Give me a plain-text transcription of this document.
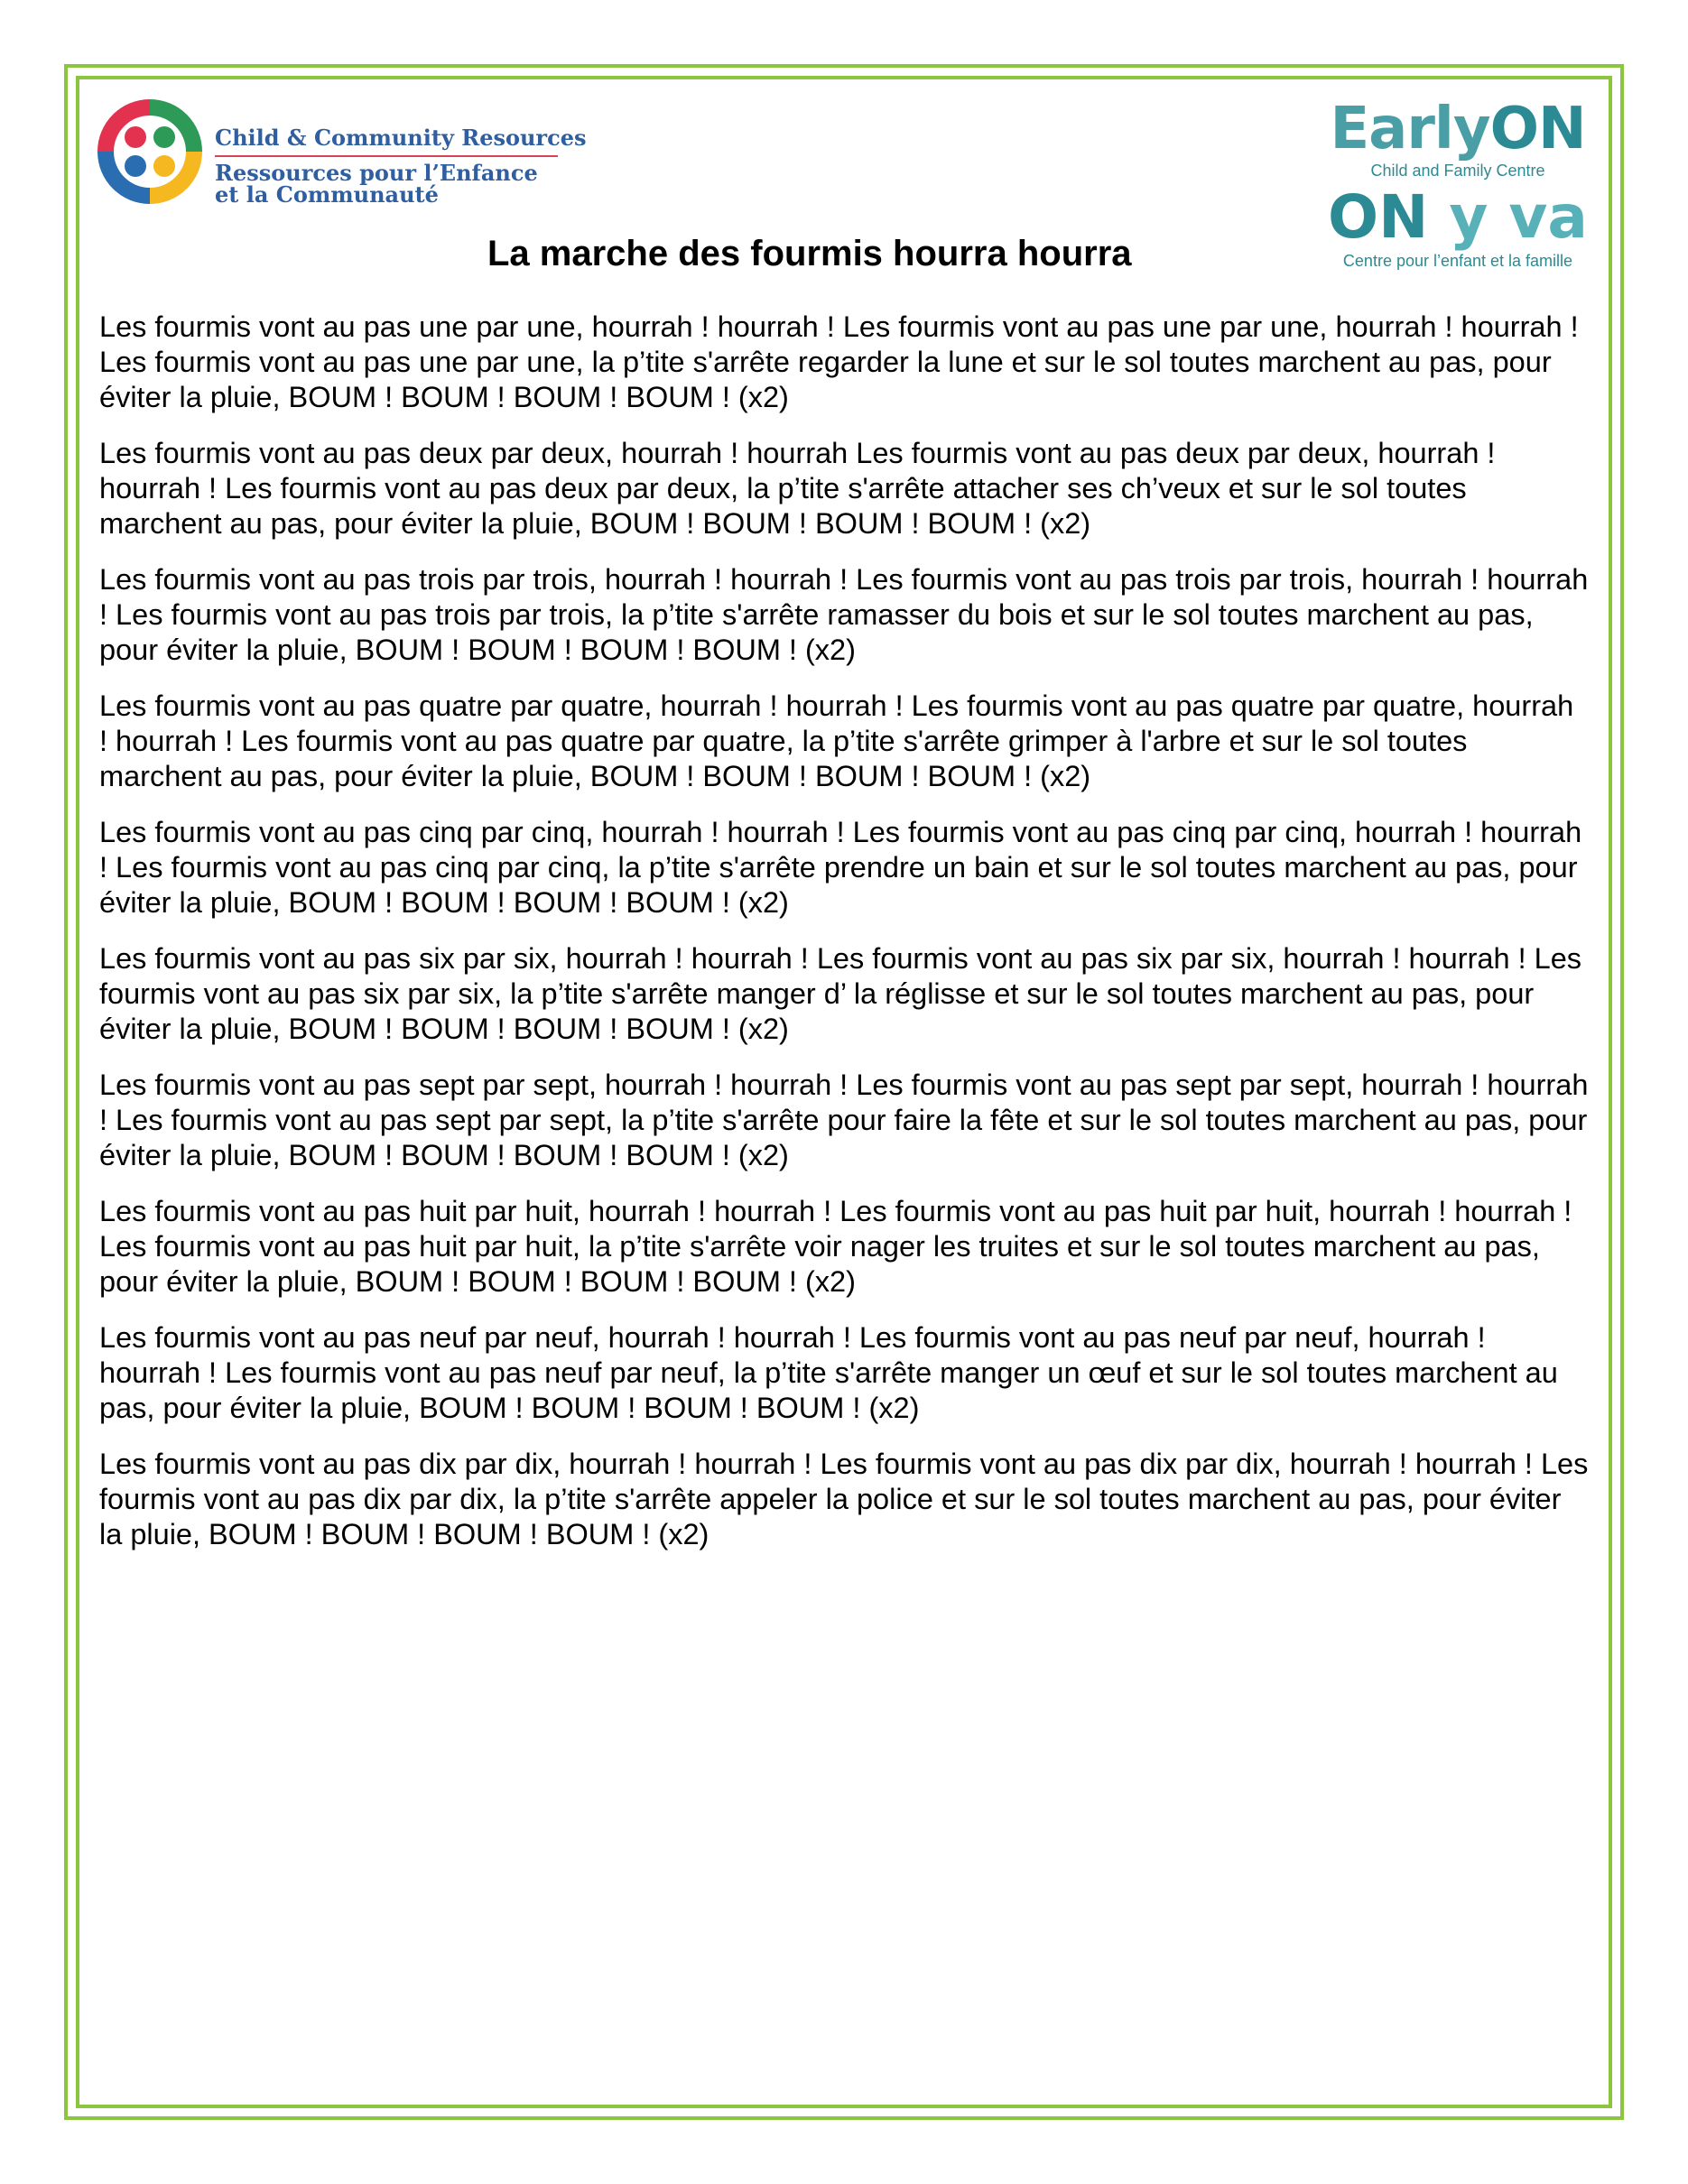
Child & Community Resources
Ressources pour l’Enfance
et la Communauté
EarlyON
Child and Family Centre
ON y va
Centre pour l’enfant et la famille
La marche des fourmis hourra hourra

Les fourmis vont au pas une par une, hourrah ! hourrah ! Les fourmis vont au pas une par une, hourrah ! hourrah ! Les fourmis vont au pas une par une, la p’tite s'arrête regarder la lune et sur le sol toutes marchent au pas, pour éviter la pluie, BOUM ! BOUM ! BOUM ! BOUM ! (x2)

Les fourmis vont au pas deux par deux, hourrah ! hourrah Les fourmis vont au pas deux par deux, hourrah ! hourrah ! Les fourmis vont au pas deux par deux, la p’tite s'arrête attacher ses ch’veux et sur le sol toutes marchent au pas, pour éviter la pluie, BOUM ! BOUM ! BOUM ! BOUM ! (x2)

Les fourmis vont au pas trois par trois, hourrah ! hourrah ! Les fourmis vont au pas trois par trois, hourrah ! hourrah ! Les fourmis vont au pas trois par trois, la p’tite s'arrête ramasser du bois et sur le sol toutes marchent au pas, pour éviter la pluie, BOUM ! BOUM ! BOUM ! BOUM ! (x2)

Les fourmis vont au pas quatre par quatre, hourrah ! hourrah ! Les fourmis vont au pas quatre par quatre, hourrah ! hourrah ! Les fourmis vont au pas quatre par quatre, la p’tite s'arrête grimper à l'arbre et sur le sol toutes marchent au pas, pour éviter la pluie, BOUM ! BOUM ! BOUM ! BOUM ! (x2)

Les fourmis vont au pas cinq par cinq, hourrah ! hourrah ! Les fourmis vont au pas cinq par cinq, hourrah ! hourrah ! Les fourmis vont au pas cinq par cinq, la p’tite s'arrête prendre un bain et sur le sol toutes marchent au pas, pour éviter la pluie, BOUM ! BOUM ! BOUM ! BOUM ! (x2)

Les fourmis vont au pas six par six, hourrah ! hourrah ! Les fourmis vont au pas six par six, hourrah ! hourrah ! Les fourmis vont au pas six par six, la p’tite s'arrête manger d’ la réglisse et sur le sol toutes marchent au pas, pour éviter la pluie, BOUM ! BOUM ! BOUM ! BOUM ! (x2)

Les fourmis vont au pas sept par sept, hourrah ! hourrah ! Les fourmis vont au pas sept par sept, hourrah ! hourrah ! Les fourmis vont au pas sept par sept, la p’tite s'arrête pour faire la fête et sur le sol toutes marchent au pas, pour éviter la pluie, BOUM ! BOUM ! BOUM ! BOUM ! (x2)

Les fourmis vont au pas huit par huit, hourrah ! hourrah ! Les fourmis vont au pas huit par huit, hourrah ! hourrah ! Les fourmis vont au pas huit par huit, la p’tite s'arrête voir nager les truites et sur le sol toutes marchent au pas, pour éviter la pluie, BOUM ! BOUM ! BOUM ! BOUM ! (x2)

Les fourmis vont au pas neuf par neuf, hourrah ! hourrah ! Les fourmis vont au pas neuf par neuf, hourrah ! hourrah ! Les fourmis vont au pas neuf par neuf, la p’tite s'arrête manger un œuf et sur le sol toutes marchent au pas, pour éviter la pluie, BOUM ! BOUM ! BOUM ! BOUM ! (x2)

Les fourmis vont au pas dix par dix, hourrah ! hourrah ! Les fourmis vont au pas dix par dix, hourrah ! hourrah ! Les fourmis vont au pas dix par dix, la p’tite s'arrête appeler la police et sur le sol toutes marchent au pas, pour éviter la pluie, BOUM ! BOUM ! BOUM ! BOUM ! (x2)
